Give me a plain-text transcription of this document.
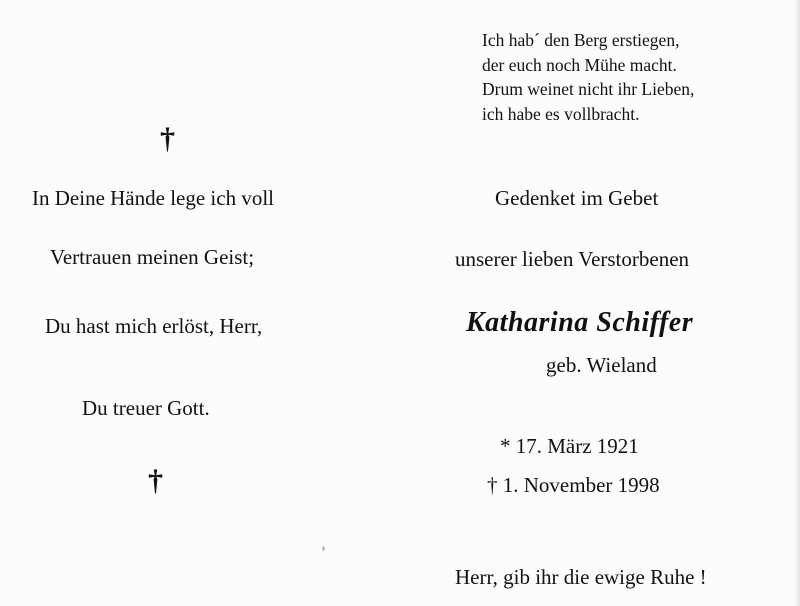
Ich hab´ den Berg erstiegen,
der euch noch Mühe macht.
Drum weinet nicht ihr Lieben,
ich habe es vollbracht.
†
In Deine Hände lege ich voll
Vertrauen meinen Geist;
Du hast mich erlöst, Herr,
Du treuer Gott.
†
Gedenket im Gebet
unserer lieben Verstorbenen
Katharina Schiffer
geb. Wieland
* 17. März 1921
† 1. November 1998
Herr, gib ihr die ewige Ruhe !
